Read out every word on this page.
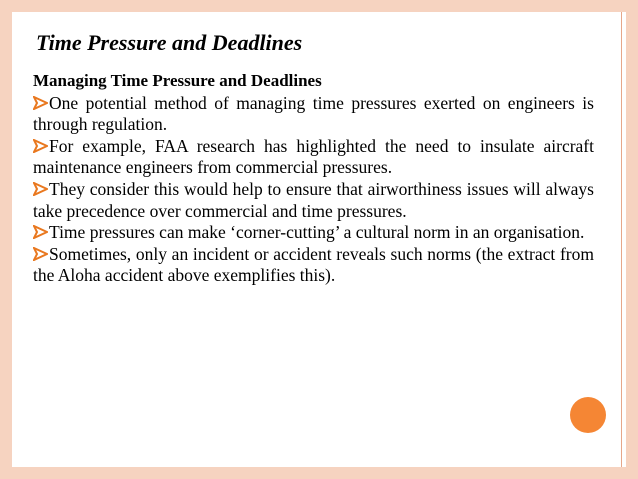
Time Pressure and Deadlines
Managing Time Pressure and Deadlines

One potential method of managing time pressures exerted on engineers is through regulation.

For example, FAA research has highlighted the need to insulate aircraft maintenance engineers from commercial pressures.

They consider this would help to ensure that airworthiness issues will always take precedence over commercial and time pressures.

Time pressures can make ‘corner-cutting’ a cultural norm in an organisation.

Sometimes, only an incident or accident reveals such norms (the extract from the Aloha accident above exemplifies this).
